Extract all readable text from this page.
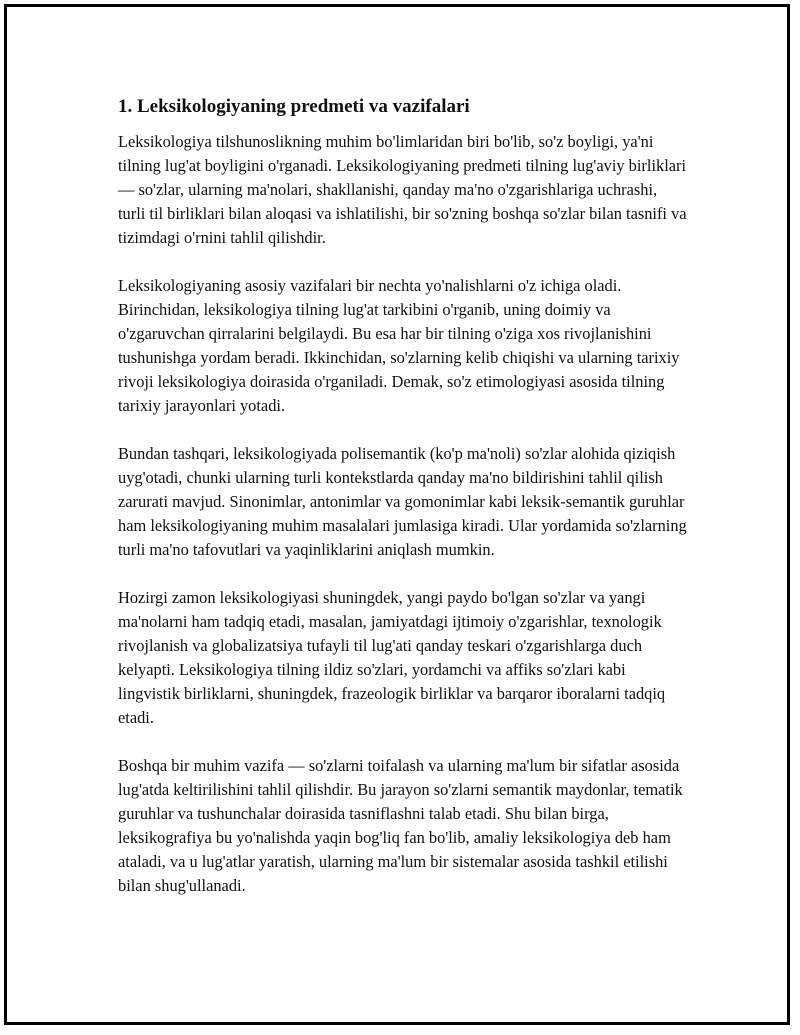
1. Leksikologiyaning predmeti va vazifalari

Leksikologiya tilshunoslikning muhim bo'limlaridan biri bo'lib, so'z boyligi, ya'ni tilning lug'at boyligini o'rganadi. Leksikologiyaning predmeti tilning lug'aviy birliklari — so'zlar, ularning ma'nolari, shakllanishi, qanday ma'no o'zgarishlariga uchrashi, turli til birliklari bilan aloqasi va ishlatilishi, bir so'zning boshqa so'zlar bilan tasnifi va tizimdagi o'rnini tahlil qilishdir.

Leksikologiyaning asosiy vazifalari bir nechta yo'nalishlarni o'z ichiga oladi. Birinchidan, leksikologiya tilning lug'at tarkibini o'rganib, uning doimiy va o'zgaruvchan qirralarini belgilaydi. Bu esa har bir tilning o'ziga xos rivojlanishini tushunishga yordam beradi. Ikkinchidan, so'zlarning kelib chiqishi va ularning tarixiy rivoji leksikologiya doirasida o'rganiladi. Demak, so'z etimologiyasi asosida tilning tarixiy jarayonlari yotadi.

Bundan tashqari, leksikologiyada polisemantik (ko'p ma'noli) so'zlar alohida qiziqish uyg'otadi, chunki ularning turli kontekstlarda qanday ma'no bildirishini tahlil qilish zarurati mavjud. Sinonimlar, antonimlar va gomonimlar kabi leksik-semantik guruhlar ham leksikologiyaning muhim masalalari jumlasiga kiradi. Ular yordamida so'zlarning turli ma'no tafovutlari va yaqinliklarini aniqlash mumkin.

Hozirgi zamon leksikologiyasi shuningdek, yangi paydo bo'lgan so'zlar va yangi ma'nolarni ham tadqiq etadi, masalan, jamiyatdagi ijtimoiy o'zgarishlar, texnologik rivojlanish va globalizatsiya tufayli til lug'ati qanday teskari o'zgarishlarga duch kelyapti. Leksikologiya tilning ildiz so'zlari, yordamchi va affiks so'zlari kabi lingvistik birliklarni, shuningdek, frazeologik birliklar va barqaror iboralarni tadqiq etadi.

Boshqa bir muhim vazifa — so'zlarni toifalash va ularning ma'lum bir sifatlar asosida lug'atda keltirilishini tahlil qilishdir. Bu jarayon so'zlarni semantik maydonlar, tematik guruhlar va tushunchalar doirasida tasniflashni talab etadi. Shu bilan birga, leksikografiya bu yo'nalishda yaqin bog'liq fan bo'lib, amaliy leksikologiya deb ham ataladi, va u lug'atlar yaratish, ularning ma'lum bir sistemalar asosida tashkil etilishi bilan shug'ullanadi.
